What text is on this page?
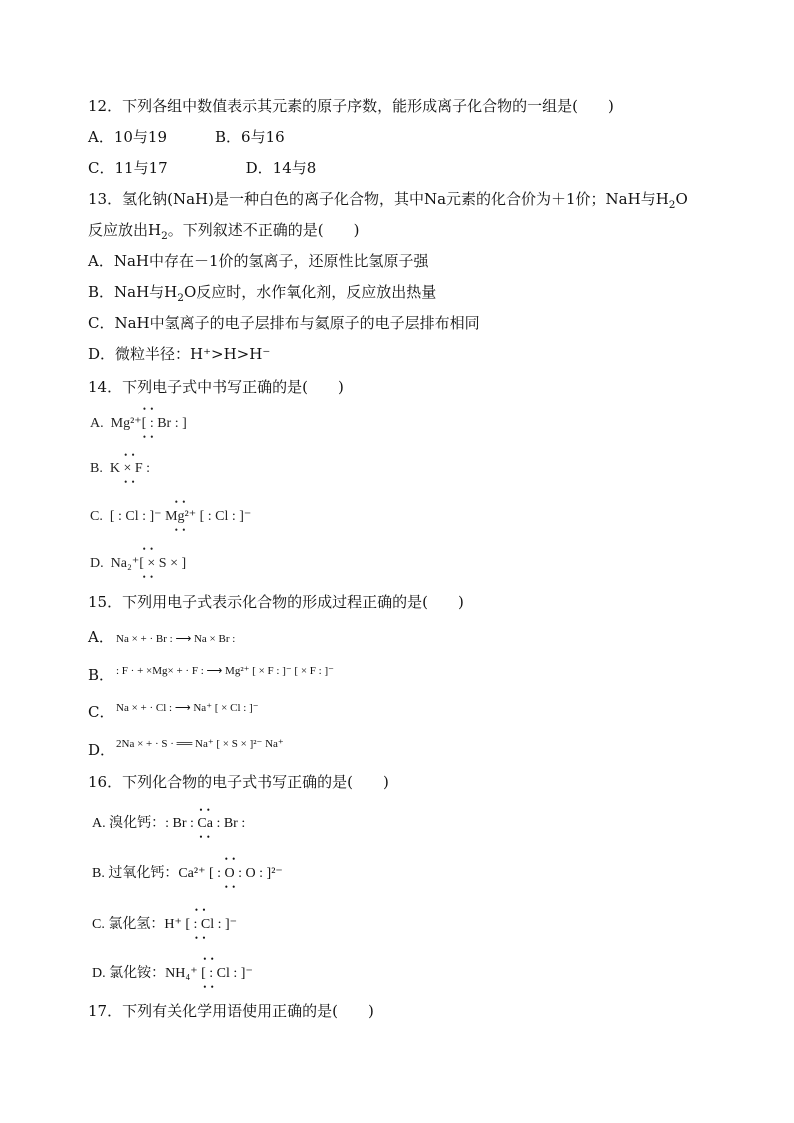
12．下列各组中数值表示其元素的原子序数，能形成离子化合物的一组是(　　)
A．10与19	B．6与16
C．11与17	D．14与8
13．氢化钠(NaH)是一种白色的离子化合物，其中Na元素的化合价为＋1价；NaH与$H_2O$
反应放出$H_2$。下列叙述不正确的是(　　)
A．NaH中存在－1价的氢离子，还原性比氢原子强
B．NaH与$H_2O$反应时，水作氧化剂，反应放出热量
C．NaH中氢离子的电子层排布与氦原子的电子层排布相同
D．微粒半径：H⁺>H>H⁻
14．下列电子式中书写正确的是(　　)
A. • • Mg²⁺[ : Br : ] • •
B. • • K × F : • •
C. • • [ : Cl : ]⁻ Mg²⁺ [ : Cl : ]⁻ • •
D. • • Na₂⁺[ × S × ] • •
15．下列用电子式表示化合物的形成过程正确的是(　　)
A． Na × + · Br : ⟶ Na × Br :
B． : F · + ×Mg× + · F : ⟶ Mg²⁺ [ × F : ]⁻ [ × F : ]⁻
C． Na × + · Cl : ⟶ Na⁺ [ × Cl : ]⁻
D． 2Na × + · S · ══ Na⁺ [ × S × ]²⁻ Na⁺
16．下列化合物的电子式书写正确的是(　　)
A. 溴化钙：• • : Br : Ca : Br : • •
B. 过氧化钙：• • Ca²⁺ [ : O : O : ]²⁻ • •
C. 氯化氢：• • H⁺ [ : Cl : ]⁻ • •
D. 氯化铵：• • NH₄⁺ [ : Cl : ]⁻ • •
17．下列有关化学用语使用正确的是(　　)
